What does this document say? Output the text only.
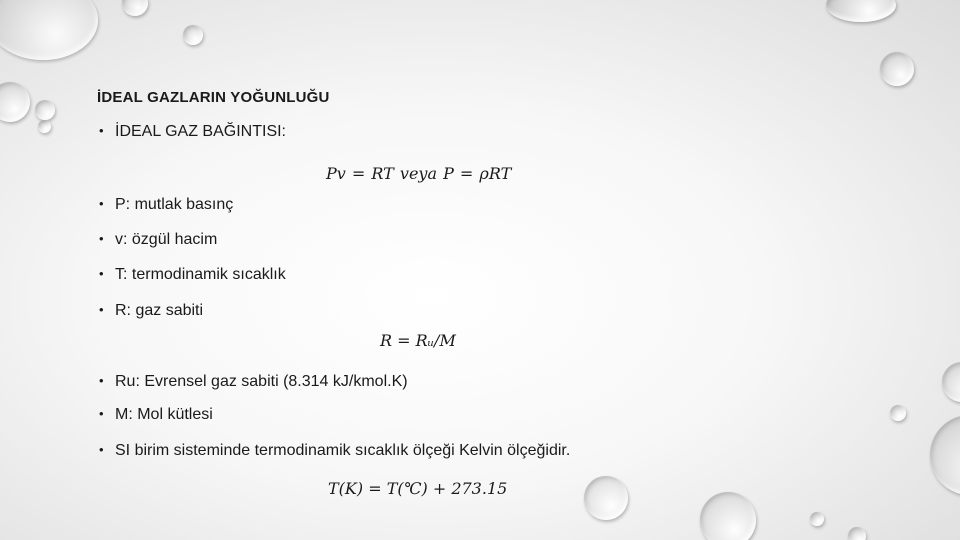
İDEAL GAZLARIN YOĞUNLUĞU
• İDEAL GAZ BAĞINTISI:
Pv = RT veya P = ρRT
• P: mutlak basınç
• v: özgül hacim
• T: termodinamik sıcaklık
• R: gaz sabiti
R = Rᵤ/M
• Ru: Evrensel gaz sabiti (8.314 kJ/kmol.K)
• M: Mol kütlesi
• SI birim sisteminde termodinamik sıcaklık ölçeği Kelvin ölçeğidir.
T(K) = T(℃) + 273.15
